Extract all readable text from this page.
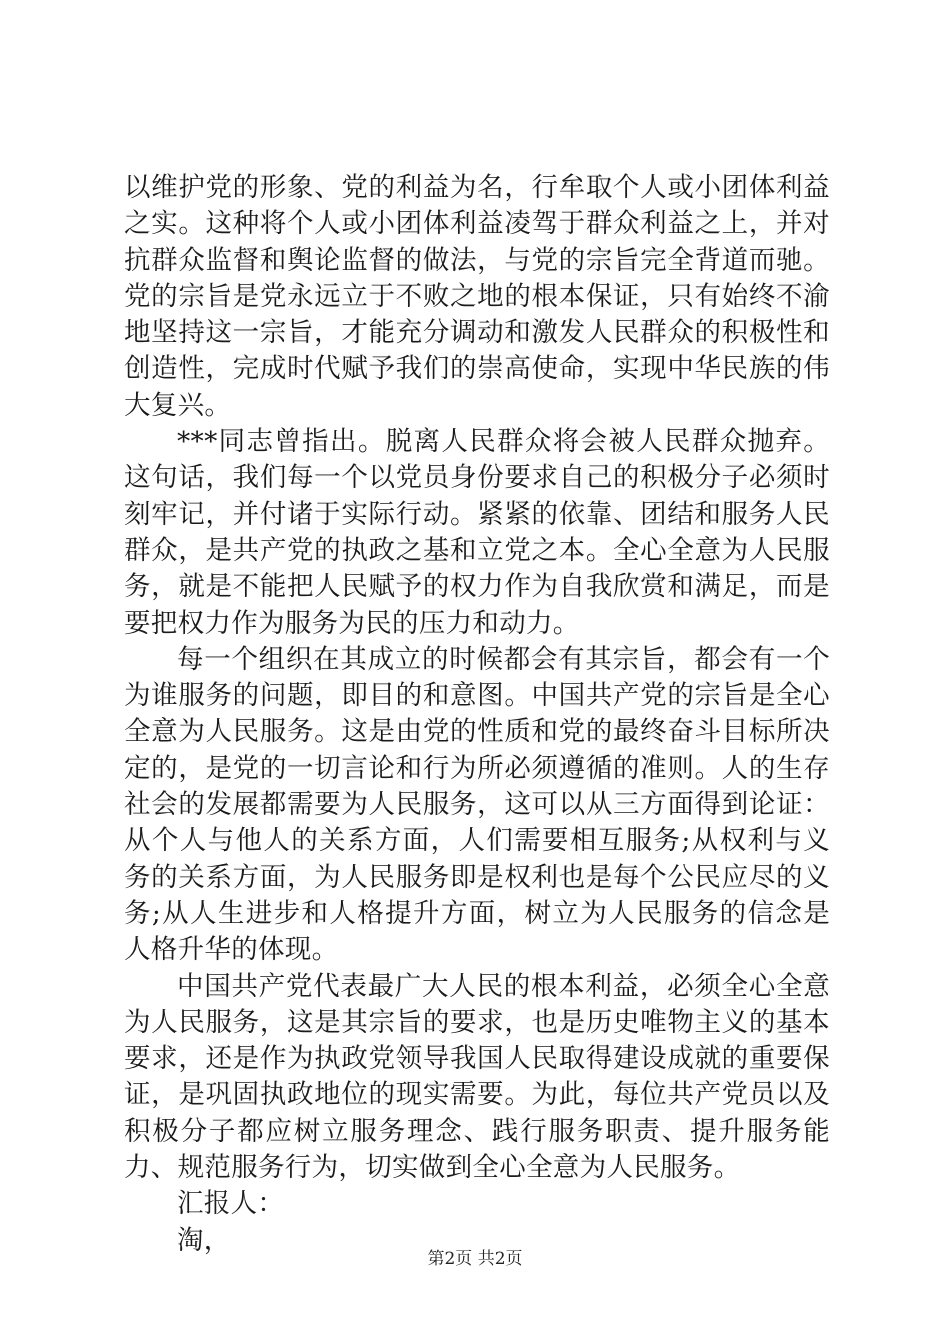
以维护党的形象、党的利益为名，行牟取个人或小团体利益之实。这种将个人或小团体利益凌驾于群众利益之上，并对抗群众监督和舆论监督的做法，与党的宗旨完全背道而驰。党的宗旨是党永远立于不败之地的根本保证，只有始终不渝地坚持这一宗旨，才能充分调动和激发人民群众的积极性和创造性，完成时代赋予我们的崇高使命，实现中华民族的伟大复兴。

***同志曾指出。脱离人民群众将会被人民群众抛弃。这句话，我们每一个以党员身份要求自己的积极分子必须时刻牢记，并付诸于实际行动。紧紧的依靠、团结和服务人民群众，是共产党的执政之基和立党之本。全心全意为人民服务，就是不能把人民赋予的权力作为自我欣赏和满足，而是要把权力作为服务为民的压力和动力。

每一个组织在其成立的时候都会有其宗旨，都会有一个为谁服务的问题，即目的和意图。中国共产党的宗旨是全心全意为人民服务。这是由党的性质和党的最终奋斗目标所决定的，是党的一切言论和行为所必须遵循的准则。人的生存社会的发展都需要为人民服务，这可以从三方面得到论证：从个人与他人的关系方面，人们需要相互服务;从权利与义务的关系方面，为人民服务即是权利也是每个公民应尽的义务;从人生进步和人格提升方面，树立为人民服务的信念是人格升华的体现。

中国共产党代表最广大人民的根本利益，必须全心全意为人民服务，这是其宗旨的要求，也是历史唯物主义的基本要求，还是作为执政党领导我国人民取得建设成就的重要保证，是巩固执政地位的现实需要。为此，每位共产党员以及积极分子都应树立服务理念、践行服务职责、提升服务能力、规范服务行为，切实做到全心全意为人民服务。

汇报人：

淘，

第2页 共2页
